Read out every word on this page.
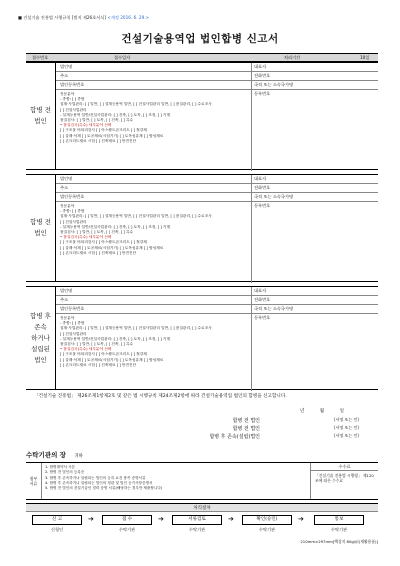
■ 건설기술 진흥법 시행규칙 [별지 제26호서식] <개정 2016. 6. 29.>
건설기술용역업 법인합병 신고서
접수번호	접수일자	처리기간	10일
합병 전
법인
법인명	대표자
주소	전화번호
법인등록번호	국적 또는 소속국가명
전문분야
- 종합: [ ] 종합
설계·사업관리: [ ] 일반, [ ] 설계등용역 일반, [ ] 건설사업관리 일반, [ ] 품질관리, [ ] 수로조사
[ ] 건설사업관리
- 설계등용역 일반/건설사업관리: [ ] 건축, [ ] 토목, [ ] 조경, [ ] 기계
품질검사: [ ] 일반, [ ] 토목, [ ] 건축, [ ] 특수
• 품질검사(특수) 세부분야 선택
[ ] 구조물 비파괴검사 [ ] 아스팔트콘크리트 [ ] 철강재
[ ] 골재·석재 [ ] 토공재료(시험기기) [ ] 토목섬유재 [ ] 합성재료
[ ] 콘크리트재료 시험 [ ] 건축재료 [ ] 안전진단
등록번호
합병 전
법인
법인명	대표자
주소	전화번호
법인등록번호	국적 또는 소속국가명
전문분야
- 종합: [ ] 종합
설계·사업관리: [ ] 일반, [ ] 설계등용역 일반, [ ] 건설사업관리 일반, [ ] 품질관리, [ ] 수로조사
[ ] 건설사업관리
- 설계등용역 일반/건설사업관리: [ ] 건축, [ ] 토목, [ ] 조경, [ ] 기계
품질검사: [ ] 일반, [ ] 토목, [ ] 건축, [ ] 특수
• 품질검사(특수) 세부분야 선택
[ ] 구조물 비파괴검사 [ ] 아스팔트콘크리트 [ ] 철강재
[ ] 골재·석재 [ ] 토공재료(시험기기) [ ] 토목섬유재 [ ] 합성재료
[ ] 콘크리트재료 시험 [ ] 건축재료 [ ] 안전진단
등록번호
합병 후
존속
하거나
설립된
법인
법인명	대표자
주소	전화번호
법인등록번호	국적 또는 소속국가명
전문분야
- 종합: [ ] 종합
설계·사업관리: [ ] 일반, [ ] 설계등용역 일반, [ ] 건설사업관리 일반, [ ] 품질관리, [ ] 수로조사
[ ] 건설사업관리
- 설계등용역 일반/건설사업관리: [ ] 건축, [ ] 토목, [ ] 조경, [ ] 기계
품질검사: [ ] 일반, [ ] 토목, [ ] 건축, [ ] 특수
• 품질검사(특수) 세부분야 선택
[ ] 구조물 비파괴검사 [ ] 아스팔트콘크리트 [ ] 철강재
[ ] 골재·석재 [ ] 토공재료(시험기기) [ ] 토목섬유재 [ ] 합성재료
[ ] 콘크리트재료 시험 [ ] 건축재료 [ ] 안전진단
등록번호
「건설기술 진흥법」 제26조제1항제2호 및 같은 법 시행규칙 제24조제2항에 따라 건설기술용역업 법인의 합병을 신고합니다.
년	월	일
합병 전 법인	(서명 또는 인)
합병 전 법인	(서명 또는 인)
합병 후 존속(설립)법인	(서명 또는 인)
수탁기관의 장 귀하
첨부
서류
1. 합병계약서 사본
2. 합병 전 법인의 등록증
3. 합병 후 존속하거나 설립되는 법인의 등록 요건 충족 증명서류
4. 합병 후 존속하거나 설립되는 법인의 정관 및 법인 등기사항증명서
5. 합병 전 법인의 건설기술인 경력 증명 서류(해당하는 경우만 제출합니다)
수수료
「건설기술 진흥법 시행령」 제120조에 따른 수수료
처리절차
신 고
신청인
➔	접 수
수탁기관
➔	서류검토
수탁기관
➔	확인(승인)
수탁기관
➔	통보
수탁기관
210mm×297mm[백상지 80g/㎡(재활용품)]
